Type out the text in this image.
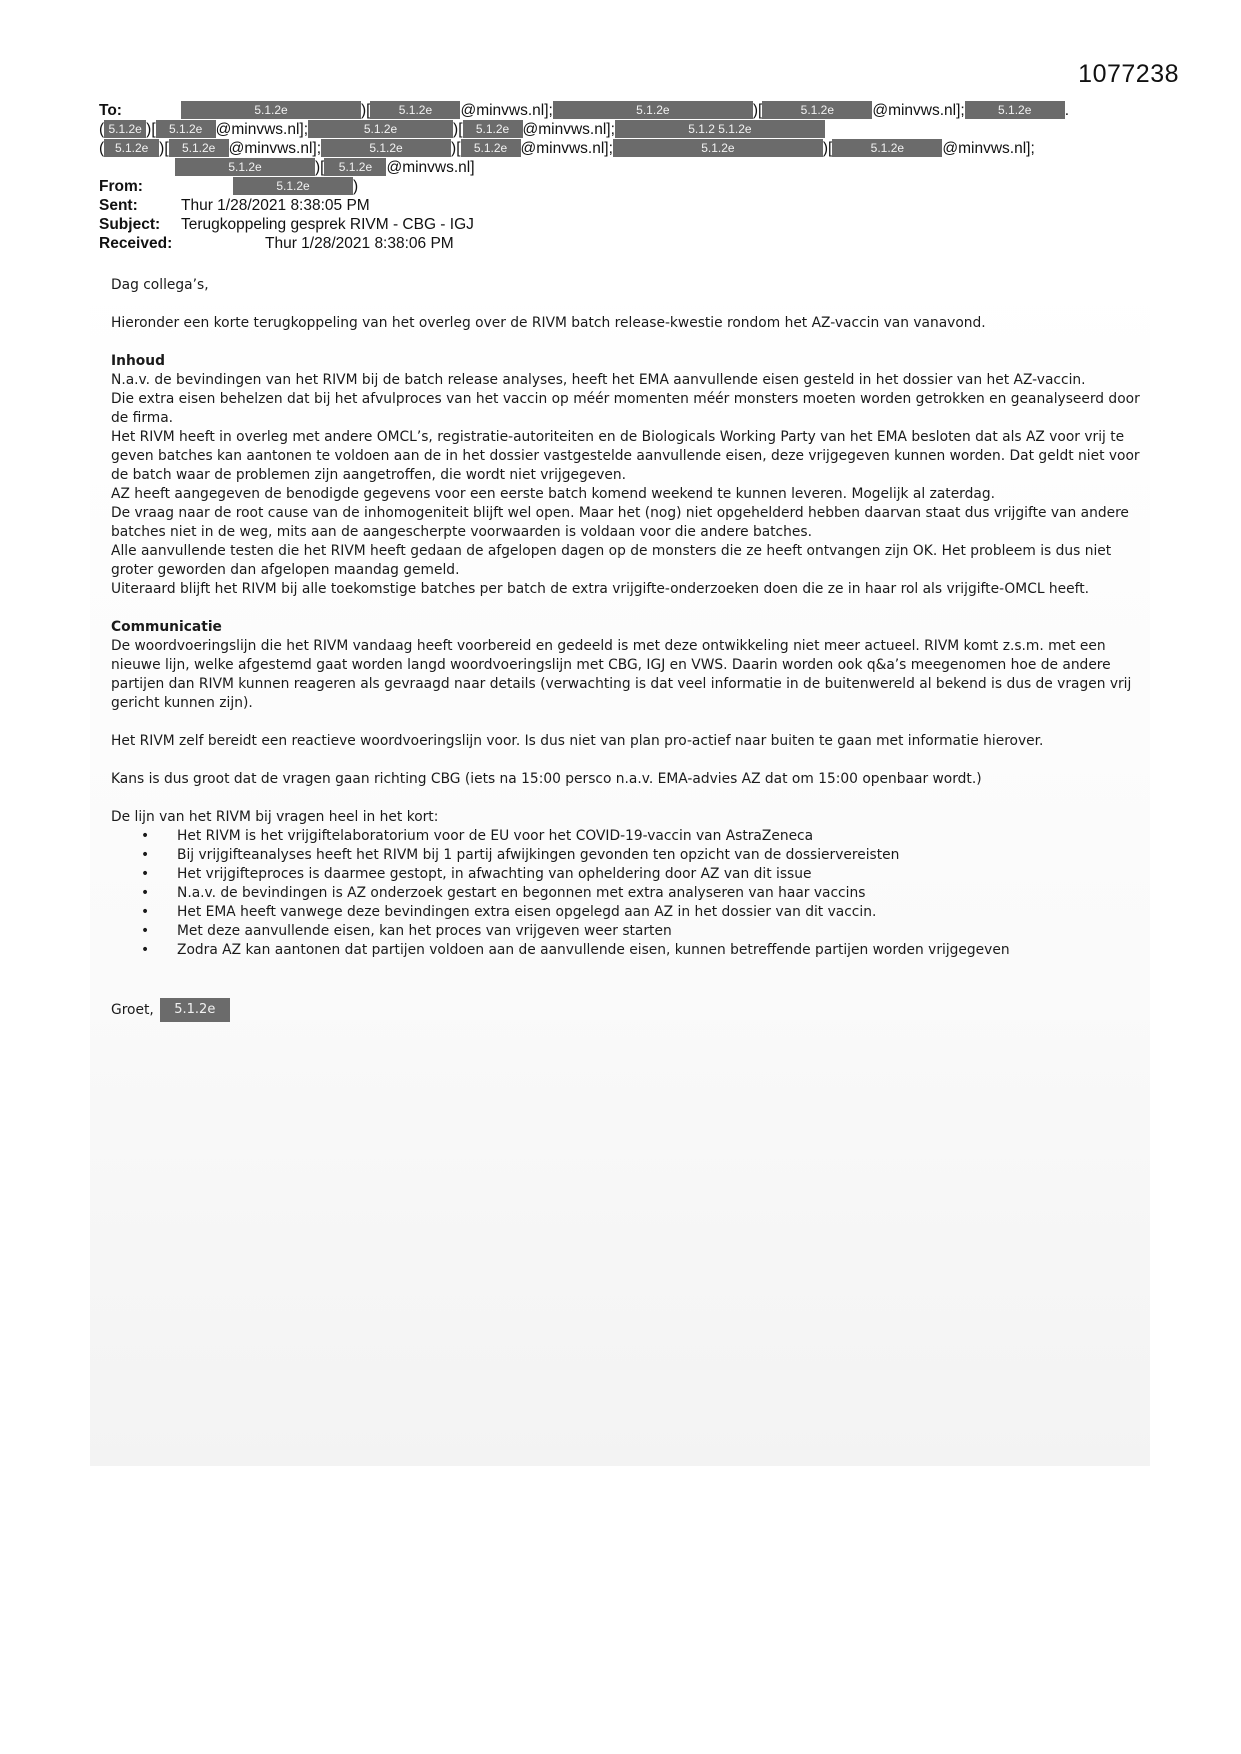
1077238
To:	5.1.2e	)[ 5.1.2e @minvws.nl];	5.1.2e	)[	5.1.2e @minvws.nl];	5.1.2e .
( 5.1.2e )[ 5.1.2e @minvws.nl];	5.1.2e	)[ 5.1.2e @minvws.nl];	5.1.2 5.1.2e
( 5.1.2e )[ 5.1.2e @minvws.nl];	5.1.2e	)[ 5.1.2e @minvws.nl];	5.1.2e	)[	5.1.2e @minvws.nl];
5.1.2e	)[ 5.1.2e @minvws.nl]
From:	5.1.2e	)
Sent:	Thur 1/28/2021 8:38:05 PM
Subject:	Terugkoppeling gesprek RIVM - CBG - IGJ
Received:	Thur 1/28/2021 8:38:06 PM

Dag collega’s,

Hieronder een korte terugkoppeling van het overleg over de RIVM batch release-kwestie rondom het AZ-vaccin van vanavond.

Inhoud

N.a.v. de bevindingen van het RIVM bij de batch release analyses, heeft het EMA aanvullende eisen gesteld in het dossier van het AZ-vaccin.

Die extra eisen behelzen dat bij het afvulproces van het vaccin op méér momenten méér monsters moeten worden getrokken en geanalyseerd door de firma.

Het RIVM heeft in overleg met andere OMCL’s, registratie-autoriteiten en de Biologicals Working Party van het EMA besloten dat als AZ voor vrij te geven batches kan aantonen te voldoen aan de in het dossier vastgestelde aanvullende eisen, deze vrijgegeven kunnen worden. Dat geldt niet voor de batch waar de problemen zijn aangetroffen, die wordt niet vrijgegeven.

AZ heeft aangegeven de benodigde gegevens voor een eerste batch komend weekend te kunnen leveren. Mogelijk al zaterdag.

De vraag naar de root cause van de inhomogeniteit blijft wel open. Maar het (nog) niet opgehelderd hebben daarvan staat dus vrijgifte van andere batches niet in de weg, mits aan de aangescherpte voorwaarden is voldaan voor die andere batches.

Alle aanvullende testen die het RIVM heeft gedaan de afgelopen dagen op de monsters die ze heeft ontvangen zijn OK. Het probleem is dus niet groter geworden dan afgelopen maandag gemeld.

Uiteraard blijft het RIVM bij alle toekomstige batches per batch de extra vrijgifte-onderzoeken doen die ze in haar rol als vrijgifte-OMCL heeft.

Communicatie

De woordvoeringslijn die het RIVM vandaag heeft voorbereid en gedeeld is met deze ontwikkeling niet meer actueel. RIVM komt z.s.m. met een nieuwe lijn, welke afgestemd gaat worden langd woordvoeringslijn met CBG, IGJ en VWS. Daarin worden ook q&a’s meegenomen hoe de andere partijen dan RIVM kunnen reageren als gevraagd naar details (verwachting is dat veel informatie in de buitenwereld al bekend is dus de vragen vrij gericht kunnen zijn).

Het RIVM zelf bereidt een reactieve woordvoeringslijn voor. Is dus niet van plan pro-actief naar buiten te gaan met informatie hierover.

Kans is dus groot dat de vragen gaan richting CBG (iets na 15:00 persco n.a.v. EMA-advies AZ dat om 15:00 openbaar wordt.)

De lijn van het RIVM bij vragen heel in het kort:

• Het RIVM is het vrijgiftelaboratorium voor de EU voor het COVID-19-vaccin van AstraZeneca
• Bij vrijgifteanalyses heeft het RIVM bij 1 partij afwijkingen gevonden ten opzicht van de dossiervereisten
• Het vrijgifteproces is daarmee gestopt, in afwachting van opheldering door AZ van dit issue
• N.a.v. de bevindingen is AZ onderzoek gestart en begonnen met extra analyseren van haar vaccins
• Het EMA heeft vanwege deze bevindingen extra eisen opgelegd aan AZ in het dossier van dit vaccin.
• Met deze aanvullende eisen, kan het proces van vrijgeven weer starten
• Zodra AZ kan aantonen dat partijen voldoen aan de aanvullende eisen, kunnen betreffende partijen worden vrijgegeven
Groet,	5.1.2e
